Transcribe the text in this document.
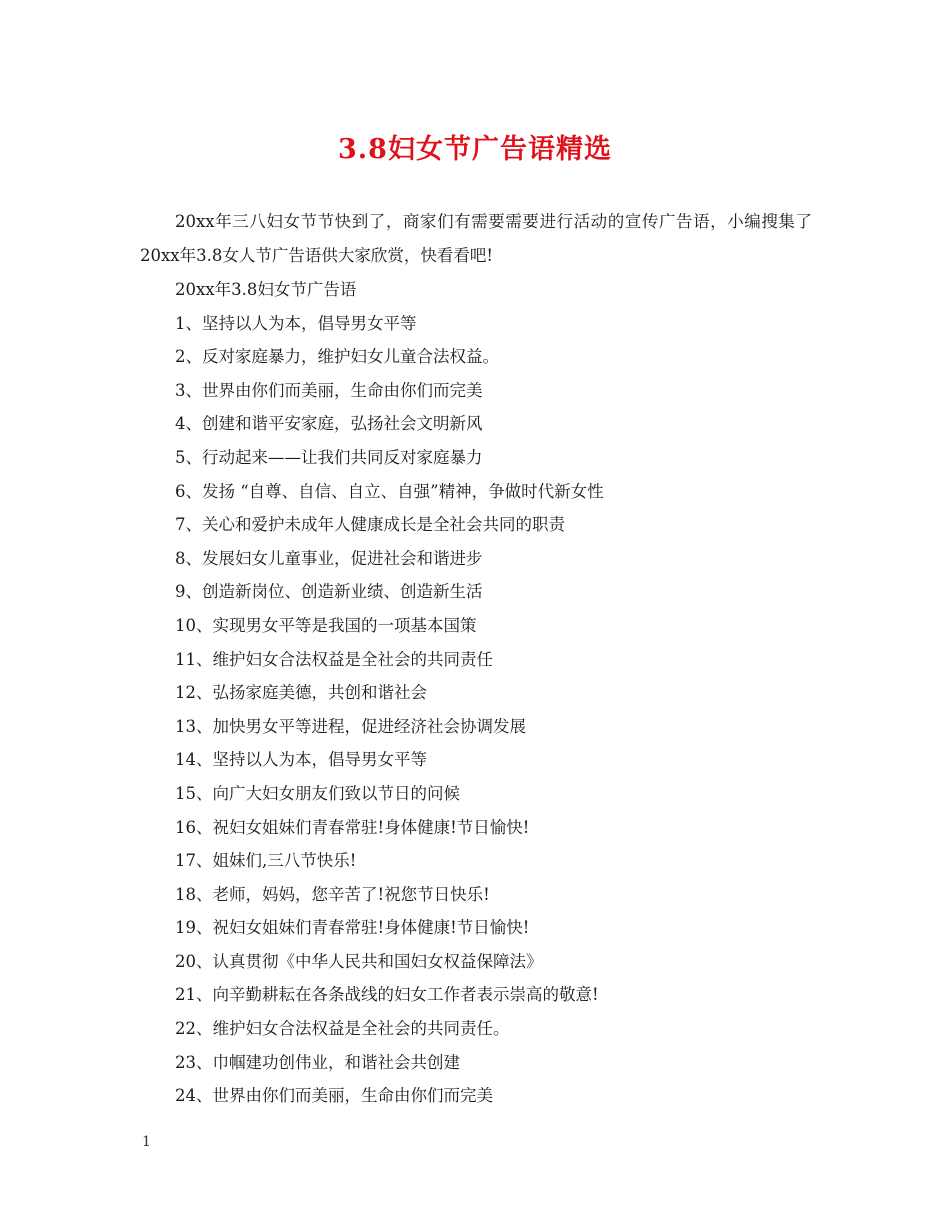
3.8妇女节广告语精选

20xx年三八妇女节节快到了，商家们有需要需要进行活动的宣传广告语，小编搜集了20xx年3.8女人节广告语供大家欣赏，快看看吧!

20xx年3.8妇女节广告语
1、坚持以人为本，倡导男女平等
2、反对家庭暴力，维护妇女儿童合法权益。
3、世界由你们而美丽，生命由你们而完美
4、创建和谐平安家庭，弘扬社会文明新风
5、行动起来——让我们共同反对家庭暴力
6、发扬 “自尊、自信、自立、自强”精神，争做时代新女性
7、关心和爱护未成年人健康成长是全社会共同的职责
8、发展妇女儿童事业，促进社会和谐进步
9、创造新岗位、创造新业绩、创造新生活
10、实现男女平等是我国的一项基本国策
11、维护妇女合法权益是全社会的共同责任
12、弘扬家庭美德，共创和谐社会
13、加快男女平等进程，促进经济社会协调发展
14、坚持以人为本，倡导男女平等
15、向广大妇女朋友们致以节日的问候
16、祝妇女姐妹们青春常驻!身体健康!节日愉快!
17、姐妹们,三八节快乐!
18、老师，妈妈，您辛苦了!祝您节日快乐!
19、祝妇女姐妹们青春常驻!身体健康!节日愉快!
20、认真贯彻《中华人民共和国妇女权益保障法》
21、向辛勤耕耘在各条战线的妇女工作者表示崇高的敬意!
22、维护妇女合法权益是全社会的共同责任。
23、巾帼建功创伟业，和谐社会共创建
24、世界由你们而美丽，生命由你们而完美
1
